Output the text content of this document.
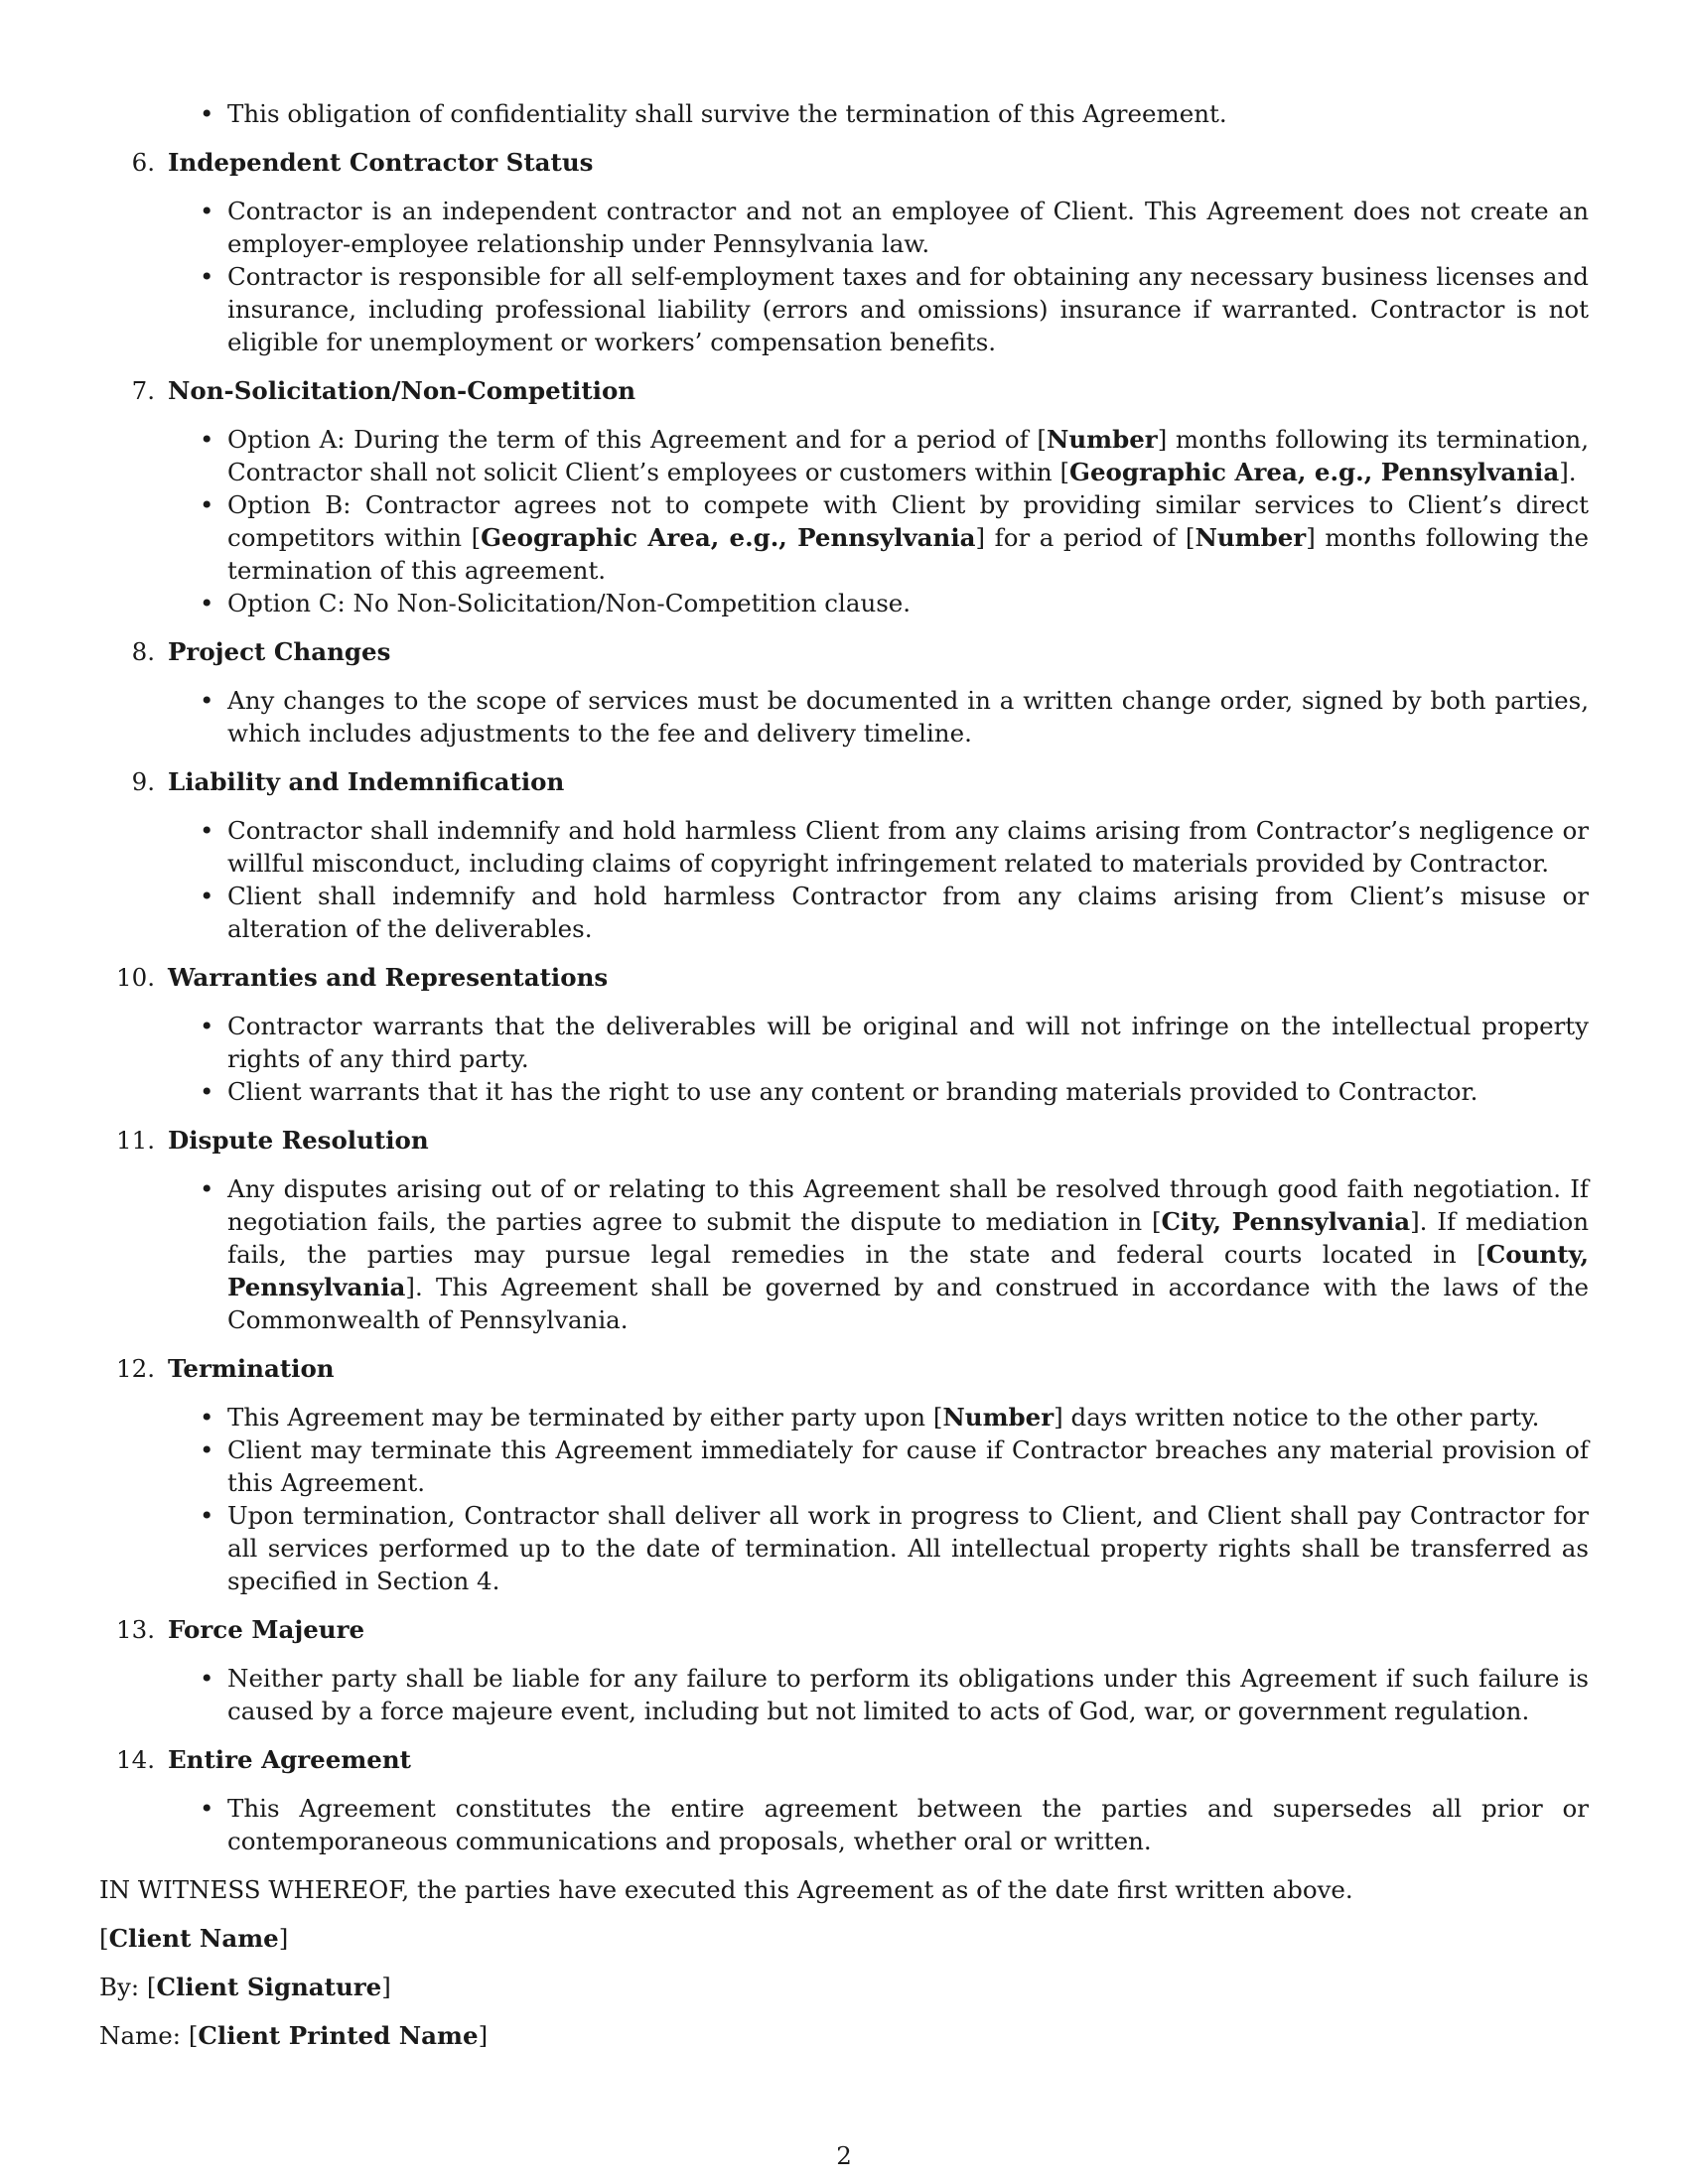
• This obligation of confidentiality shall survive the termination of this Agreement.
6. Independent Contractor Status
• Contractor is an independent contractor and not an employee of Client. This Agreement does not create an employer-employee relationship under Pennsylvania law.
• Contractor is responsible for all self-employment taxes and for obtaining any necessary business licenses and insurance, including professional liability (errors and omissions) insurance if warranted. Contractor is not eligible for unemployment or workers’ compensation benefits.
7. Non-Solicitation/Non-Competition
• Option A: During the term of this Agreement and for a period of [Number] months following its termination, Contractor shall not solicit Client’s employees or customers within [Geographic Area, e.g., Pennsylvania].
• Option B: Contractor agrees not to compete with Client by providing similar services to Client’s direct competitors within [Geographic Area, e.g., Pennsylvania] for a period of [Number] months following the termination of this agreement.
• Option C: No Non-Solicitation/Non-Competition clause.
8. Project Changes
• Any changes to the scope of services must be documented in a written change order, signed by both parties, which includes adjustments to the fee and delivery timeline.
9. Liability and Indemnification
• Contractor shall indemnify and hold harmless Client from any claims arising from Contractor’s negligence or willful misconduct, including claims of copyright infringement related to materials provided by Contractor.
• Client shall indemnify and hold harmless Contractor from any claims arising from Client’s misuse or alteration of the deliverables.
10. Warranties and Representations
• Contractor warrants that the deliverables will be original and will not infringe on the intellectual property rights of any third party.
• Client warrants that it has the right to use any content or branding materials provided to Contractor.
11. Dispute Resolution
• Any disputes arising out of or relating to this Agreement shall be resolved through good faith negotiation. If negotiation fails, the parties agree to submit the dispute to mediation in [City, Pennsylvania]. If mediation fails, the parties may pursue legal remedies in the state and federal courts located in [County, Pennsylvania]. This Agreement shall be governed by and construed in accordance with the laws of the Commonwealth of Pennsylvania.
12. Termination
• This Agreement may be terminated by either party upon [Number] days written notice to the other party.
• Client may terminate this Agreement immediately for cause if Contractor breaches any material provision of this Agreement.
• Upon termination, Contractor shall deliver all work in progress to Client, and Client shall pay Contractor for all services performed up to the date of termination. All intellectual property rights shall be transferred as specified in Section 4.
13. Force Majeure
• Neither party shall be liable for any failure to perform its obligations under this Agreement if such failure is caused by a force majeure event, including but not limited to acts of God, war, or government regulation.
14. Entire Agreement
• This Agreement constitutes the entire agreement between the parties and supersedes all prior or contemporaneous communications and proposals, whether oral or written.
IN WITNESS WHEREOF, the parties have executed this Agreement as of the date first written above.
[Client Name]
By: [Client Signature]
Name: [Client Printed Name]
2
